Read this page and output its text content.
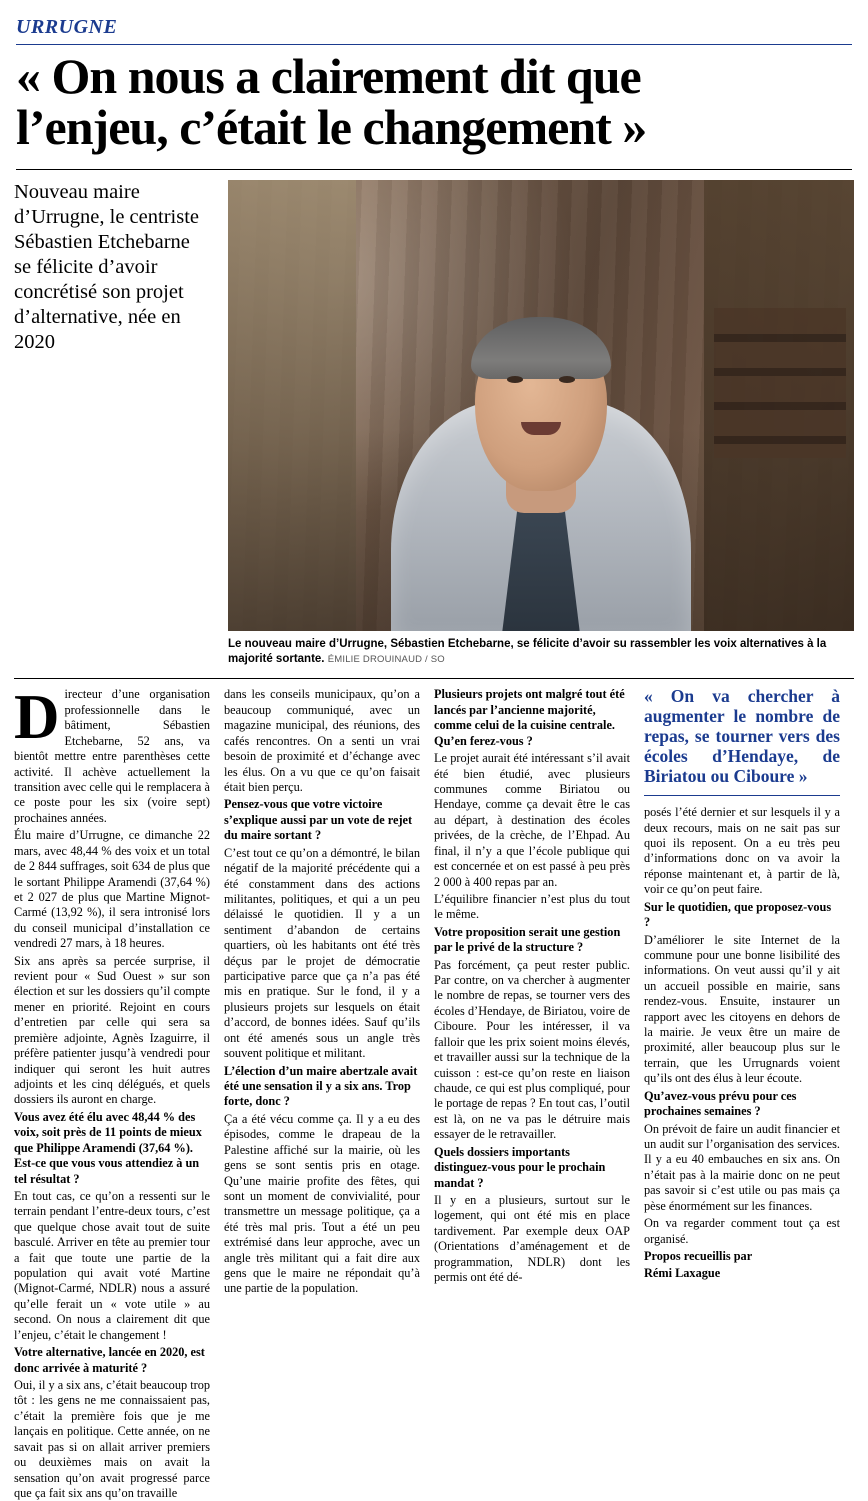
URRUGNE
« On nous a clairement dit que
l’enjeu, c’était le changement »
Nouveau maire d’Urrugne, le centriste Sébastien Etchebarne se félicite d’avoir concrétisé son projet d’alternative, née en 2020
Le nouveau maire d’Urrugne, Sébastien Etchebarne, se félicite d’avoir su rassembler les voix alternatives à la majorité sortante. ÉMILIE DROUINAUD / SO

Directeur d’une organisation professionnelle dans le bâtiment, Sébastien Etchebarne, 52 ans, va bientôt mettre entre parenthèses cette activité. Il achève actuellement la transition avec celle qui le remplacera à ce poste pour les six (voire sept) prochaines années.

Élu maire d’Urrugne, ce dimanche 22 mars, avec 48,44 % des voix et un total de 2 844 suffrages, soit 634 de plus que le sortant Philippe Aramendi (37,64 %) et 2 027 de plus que Martine Mignot-Carmé (13,92 %), il sera intronisé lors du conseil municipal d’installation ce vendredi 27 mars, à 18 heures.

Six ans après sa percée surprise, il revient pour « Sud Ouest » sur son élection et sur les dossiers qu’il compte mener en priorité. Rejoint en cours d’entretien par celle qui sera sa première adjointe, Agnès Izaguirre, il préfère patienter jusqu’à vendredi pour indiquer qui seront les huit autres adjoints et les cinq délégués, et quels dossiers ils auront en charge.

Vous avez été élu avec 48,44 % des voix, soit près de 11 points de mieux que Philippe Aramendi (37,64 %). Est-ce que vous vous attendiez à un tel résultat ?

En tout cas, ce qu’on a ressenti sur le terrain pendant l’entre-deux tours, c’est que quelque chose avait tout de suite basculé. Arriver en tête au premier tour a fait que toute une partie de la population qui avait voté Martine (Mignot-Carmé, NDLR) nous a assuré qu’elle ferait un « vote utile » au second. On nous a clairement dit que l’enjeu, c’était le changement !

Votre alternative, lancée en 2020, est donc arrivée à maturité ?

Oui, il y a six ans, c’était beaucoup trop tôt : les gens ne me connaissaient pas, c’était la première fois que je me lançais en politique. Cette année, on ne savait pas si on allait arriver premiers ou deuxièmes mais on avait la sensation qu’on avait progressé parce que ça fait six ans qu’on travaille

dans les conseils municipaux, qu’on a beaucoup communiqué, avec un magazine municipal, des réunions, des cafés rencontres. On a senti un vrai besoin de proximité et d’échange avec les élus. On a vu que ce qu’on faisait était bien perçu.

Pensez-vous que votre victoire s’explique aussi par un vote de rejet du maire sortant ?

C’est tout ce qu’on a démontré, le bilan négatif de la majorité précédente qui a été constamment dans des actions militantes, politiques, et qui a un peu délaissé le quotidien. Il y a un sentiment d’abandon de certains quartiers, où les habitants ont été très déçus par le projet de démocratie participative parce que ça n’a pas été mis en pratique. Sur le fond, il y a plusieurs projets sur lesquels on était d’accord, de bonnes idées. Sauf qu’ils ont été amenés sous un angle très souvent politique et militant.

L’élection d’un maire abertzale avait été une sensation il y a six ans. Trop forte, donc ?

Ça a été vécu comme ça. Il y a eu des épisodes, comme le drapeau de la Palestine affiché sur la mairie, où les gens se sont sentis pris en otage. Qu’une mairie profite des fêtes, qui sont un moment de convivialité, pour transmettre un message politique, ça a été très mal pris. Tout a été un peu extrémisé dans leur approche, avec un angle très militant qui a fait dire aux gens que le maire ne répondait qu’à une partie de la population.

Plusieurs projets ont malgré tout été lancés par l’ancienne majorité, comme celui de la cuisine centrale. Qu’en ferez-vous ?

Le projet aurait été intéressant s’il avait été bien étudié, avec plusieurs communes comme Biriatou ou Hendaye, comme ça devait être le cas au départ, à destination des écoles privées, de la crèche, de l’Ehpad. Au final, il n’y a que l’école publique qui est concernée et on est passé à peu près 2 000 à 400 repas par an.

L’équilibre financier n’est plus du tout le même.

Votre proposition serait une gestion par le privé de la structure ?

Pas forcément, ça peut rester public. Par contre, on va chercher à augmenter le nombre de repas, se tourner vers des écoles d’Hendaye, de Biriatou, voire de Ciboure. Pour les intéresser, il va falloir que les prix soient moins élevés, et travailler aussi sur la technique de la cuisson : est-ce qu’on reste en liaison chaude, ce qui est plus compliqué, pour le portage de repas ? En tout cas, l’outil est là, on ne va pas le détruire mais essayer de le retravailler.

Quels dossiers importants distinguez-vous pour le prochain mandat ?

Il y en a plusieurs, surtout sur le logement, qui ont été mis en place tardivement. Par exemple deux OAP (Orientations d’aménagement et de programmation, NDLR) dont les permis ont été dé-

« On va chercher à augmenter le nombre de repas, se tourner vers des écoles d’Hendaye, de Biriatou ou Ciboure »

posés l’été dernier et sur lesquels il y a deux recours, mais on ne sait pas sur quoi ils reposent. On a eu très peu d’informations donc on va avoir la réponse maintenant et, à partir de là, voir ce qu’on peut faire.

Sur le quotidien, que proposez-vous ?

D’améliorer le site Internet de la commune pour une bonne lisibilité des informations. On veut aussi qu’il y ait un accueil possible en mairie, sans rendez-vous. Ensuite, instaurer un rapport avec les citoyens en dehors de la mairie. Je veux être un maire de proximité, aller beaucoup plus sur le terrain, que les Urrugnards voient qu’ils ont des élus à leur écoute.

Qu’avez-vous prévu pour ces prochaines semaines ?

On prévoit de faire un audit financier et un audit sur l’organisation des services. Il y a eu 40 embauches en six ans. On n’était pas à la mairie donc on ne peut pas savoir si c’est utile ou pas mais ça pèse énormément sur les finances.

On va regarder comment tout ça est organisé.

Propos recueillis par

Rémi Laxague
